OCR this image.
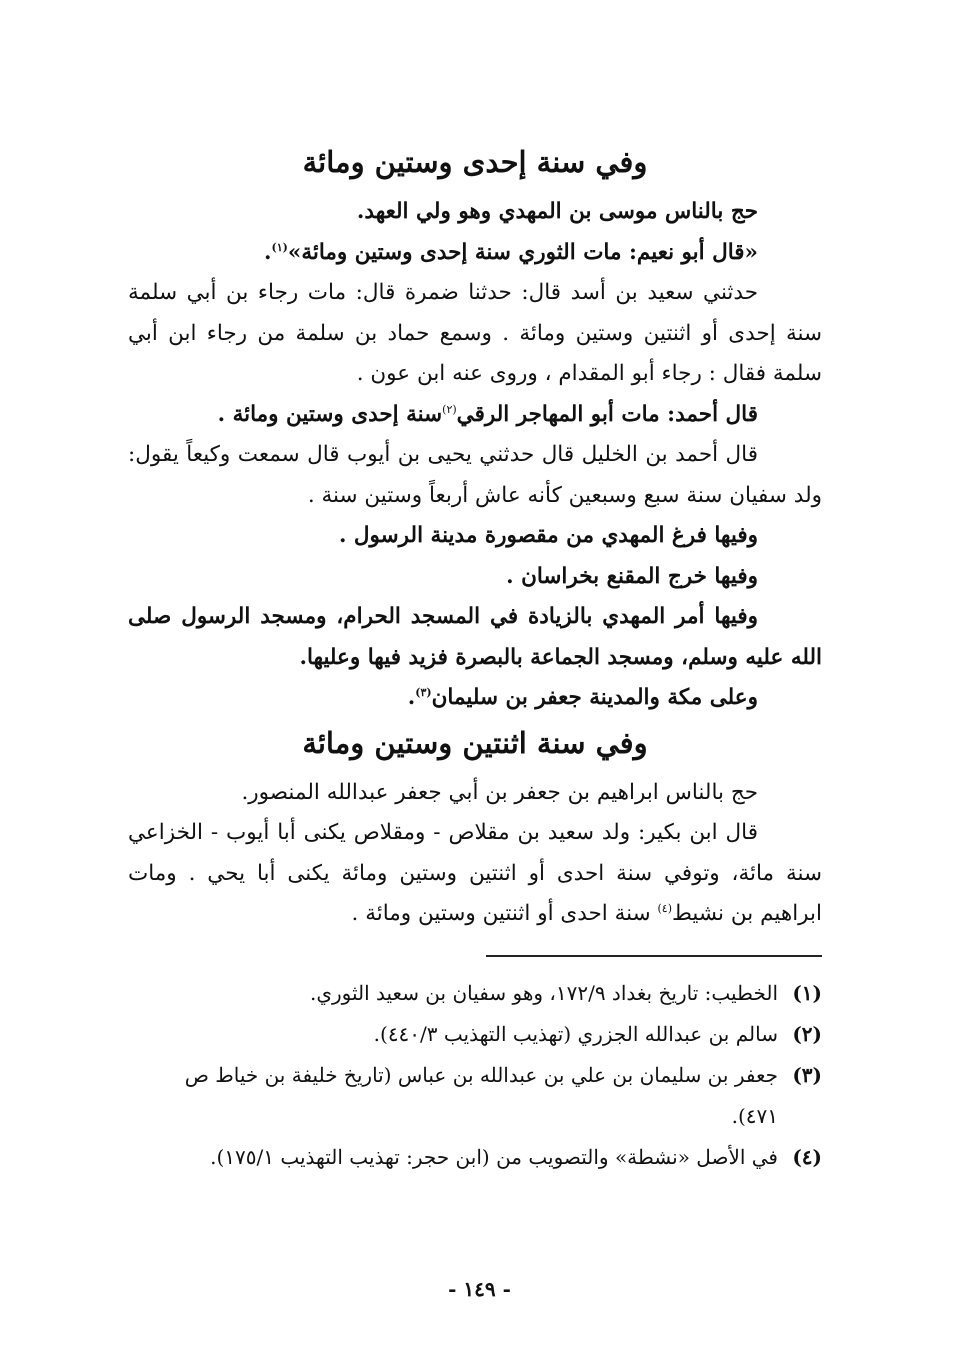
وفي سنة إحدى وستين ومائة

حج بالناس موسى بن المهدي وهو ولي العهد.

«قال أبو نعيم: مات الثوري سنة إحدى وستين ومائة»$^{(١)}$.

حدثني سعيد بن أسد قال: حدثنا ضمرة قال: مات رجاء بن أبي سلمة سنة إحدى أو اثنتين وستين ومائة . وسمع حماد بن سلمة من رجاء ابن أبي سلمة فقال : رجاء أبو المقدام ، وروى عنه ابن عون .

قال أحمد: مات أبو المهاجر الرقي$^{(٢)}$سنة إحدى وستين ومائة .

قال أحمد بن الخليل قال حدثني يحيى بن أيوب قال سمعت وكيعاً يقول: ولد سفيان سنة سبع وسبعين كأنه عاش أربعاً وستين سنة .

وفيها فرغ المهدي من مقصورة مدينة الرسول .

وفيها خرج المقنع بخراسان .

وفيها أمر المهدي بالزيادة في المسجد الحرام، ومسجد الرسول صلى الله عليه وسلم، ومسجد الجماعة بالبصرة فزيد فيها وعليها.

وعلى مكة والمدينة جعفر بن سليمان$^{(٣)}$.

وفي سنة اثنتين وستين ومائة

حج بالناس ابراهيم بن جعفر بن أبي جعفر عبدالله المنصور.

قال ابن بكير: ولد سعيد بن مقلاص - ومقلاص يكنى أبا أيوب - الخزاعي سنة مائة، وتوفي سنة احدى أو اثنتين وستين ومائة يكنى أبا يحي . ومات ابراهيم بن نشيط$^{(٤)}$ سنة احدى أو اثنتين وستين ومائة .

(١)
الخطيب: تاريخ بغداد ١٧٢/٩، وهو سفيان بن سعيد الثوري.
(٢)
سالم بن عبدالله الجزري (تهذيب التهذيب ٤٤٠/٣).
(٣)
جعفر بن سليمان بن علي بن عبدالله بن عباس (تاريخ خليفة بن خياط ص ٤٧١).
(٤)
في الأصل «نشطة» والتصويب من (ابن حجر: تهذيب التهذيب ١٧٥/١).
- ١٤٩ -
